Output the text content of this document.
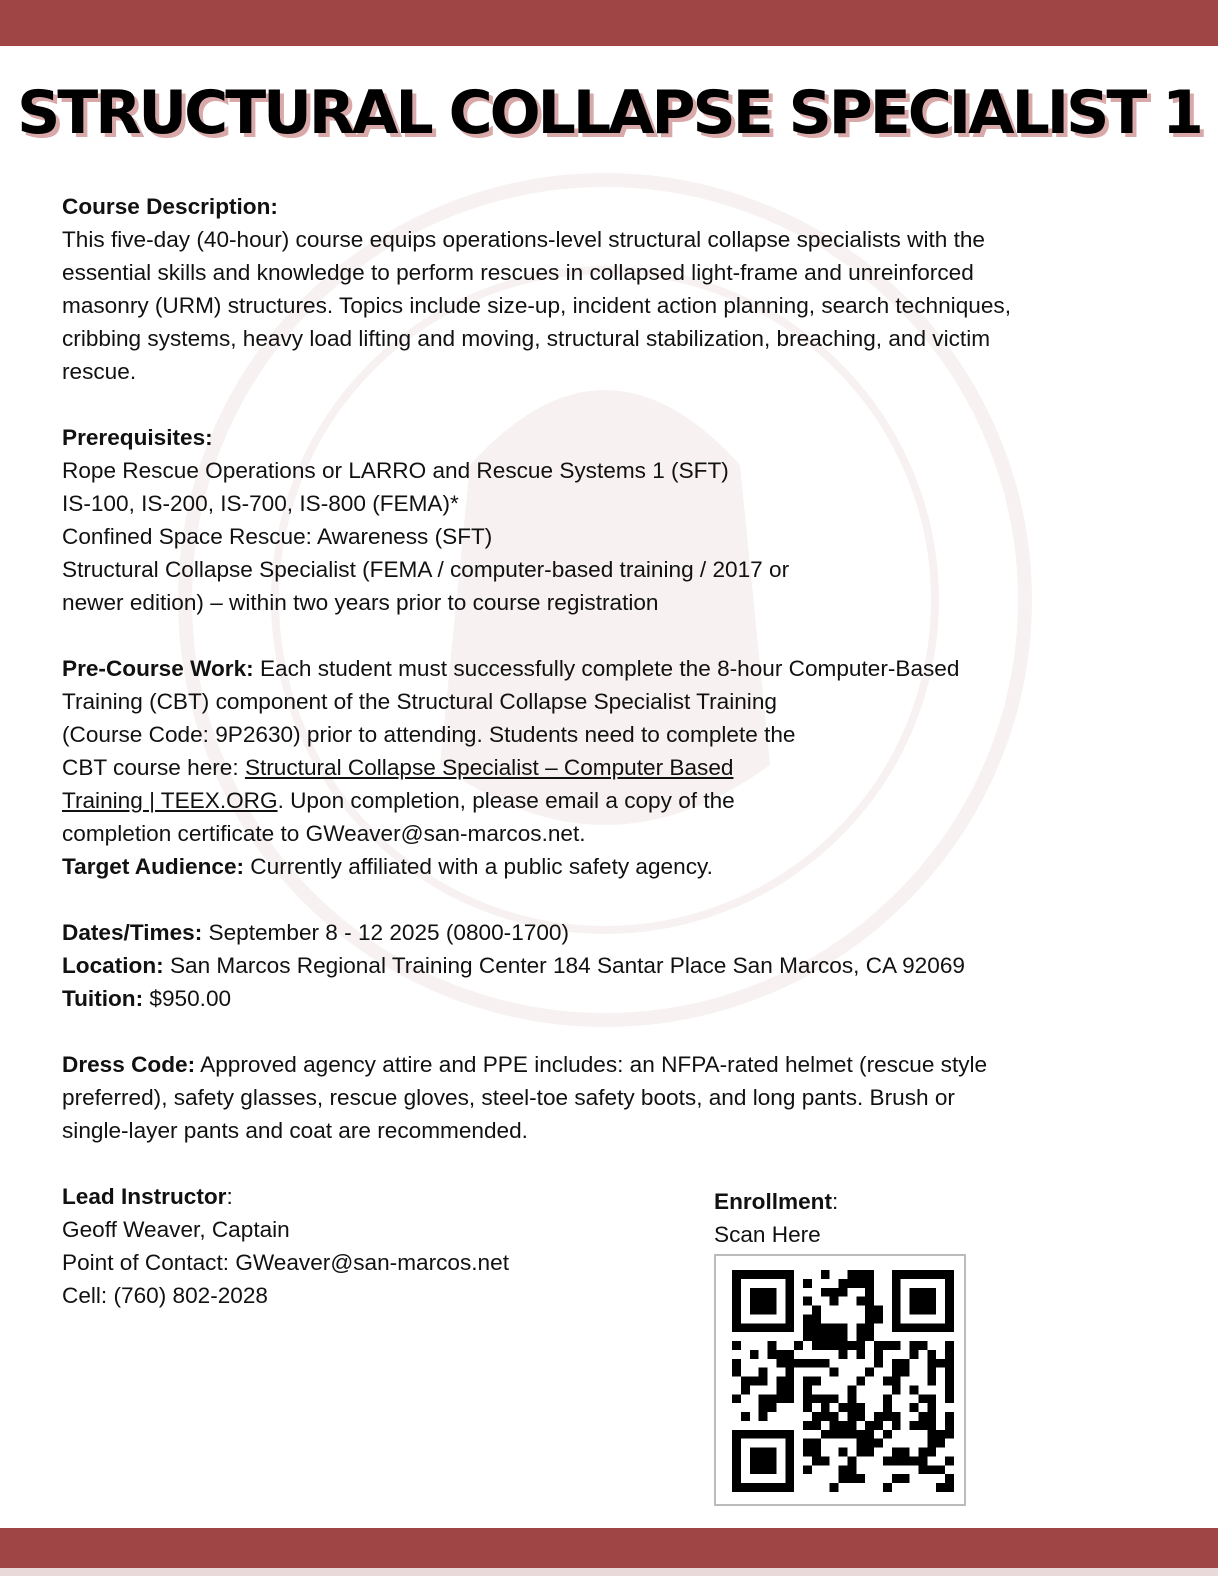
STRUCTURAL COLLAPSE SPECIALIST 1
Course Description:
This five-day (40-hour) course equips operations-level structural collapse specialists with the
essential skills and knowledge to perform rescues in collapsed light-frame and unreinforced
masonry (URM) structures. Topics include size-up, incident action planning, search techniques,
cribbing systems, heavy load lifting and moving, structural stabilization, breaching, and victim
rescue.
Prerequisites:
Rope Rescue Operations or LARRO and Rescue Systems 1 (SFT)
IS-100, IS-200, IS-700, IS-800 (FEMA)*
Confined Space Rescue: Awareness (SFT)
Structural Collapse Specialist (FEMA / computer-based training / 2017 or
newer edition) – within two years prior to course registration
Pre-Course Work: Each student must successfully complete the 8-hour Computer-Based
Training (CBT) component of the Structural Collapse Specialist Training
(Course Code: 9P2630) prior to attending. Students need to complete the
CBT course here: Structural Collapse Specialist – Computer Based
Training | TEEX.ORG. Upon completion, please email a copy of the
completion certificate to GWeaver@san-marcos.net.
Target Audience: Currently affiliated with a public safety agency.
Dates/Times: September 8 - 12 2025 (0800-1700)
Location: San Marcos Regional Training Center 184 Santar Place San Marcos, CA 92069
Tuition: $950.00
Dress Code: Approved agency attire and PPE includes: an NFPA-rated helmet (rescue style
preferred), safety glasses, rescue gloves, steel-toe safety boots, and long pants. Brush or
single-layer pants and coat are recommended.
Lead Instructor:
Geoff Weaver, Captain
Point of Contact: GWeaver@san-marcos.net
Cell: (760) 802-2028
Enrollment:
Scan Here
